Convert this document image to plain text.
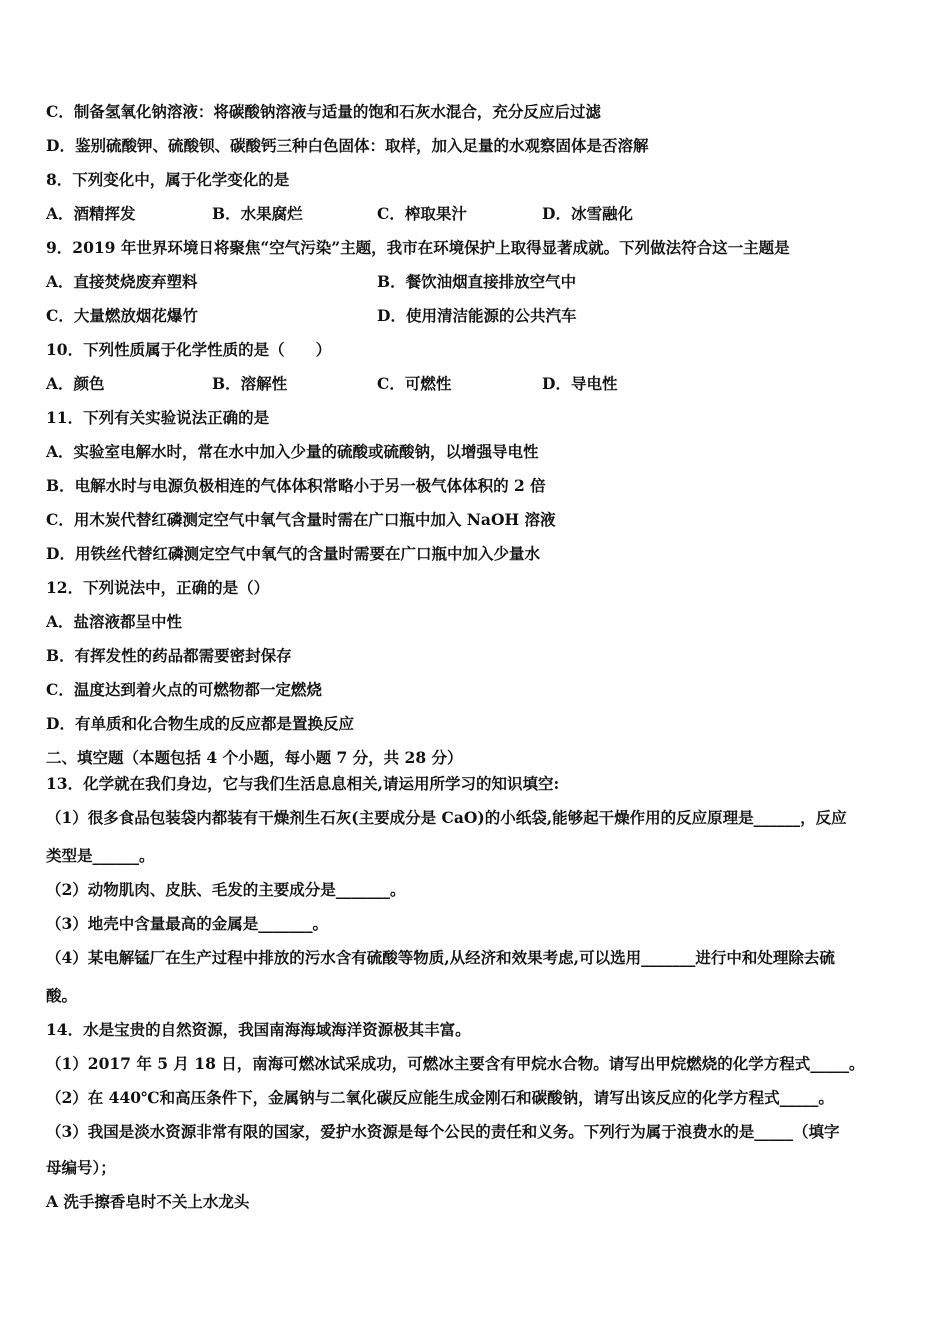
C．制备氢氧化钠溶液：将碳酸钠溶液与适量的饱和石灰水混合，充分反应后过滤
D．鉴别硫酸钾、硫酸钡、碳酸钙三种白色固体：取样，加入足量的水观察固体是否溶解
8．下列变化中，属于化学变化的是
A．酒精挥发	B．水果腐烂	C．榨取果汁	D．冰雪融化
9．2019 年世界环境日将聚焦“空气污染”主题，我市在环境保护上取得显著成就。下列做法符合这一主题是
A．直接焚烧废弃塑料	B．餐饮油烟直接排放空气中
C．大量燃放烟花爆竹	D．使用清洁能源的公共汽车
10．下列性质属于化学性质的是（　　）
A．颜色	B．溶解性	C．可燃性	D．导电性
11．下列有关实验说法正确的是
A．实验室电解水时，常在水中加入少量的硫酸或硫酸钠，以增强导电性
B．电解水时与电源负极相连的气体体积常略小于另一极气体体积的 2 倍
C．用木炭代替红磷测定空气中氧气含量时需在广口瓶中加入 NaOH 溶液
D．用铁丝代替红磷测定空气中氧气的含量时需要在广口瓶中加入少量水
12．下列说法中，正确的是（）
A．盐溶液都呈中性
B．有挥发性的药品都需要密封保存
C．温度达到着火点的可燃物都一定燃烧
D．有单质和化合物生成的反应都是置换反应
二、填空题（本题包括 4 个小题，每小题 7 分，共 28 分）
13．化学就在我们身边，它与我们生活息息相关,请运用所学习的知识填空:
（1）很多食品包装袋内都装有干燥剂生石灰(主要成分是 CaO)的小纸袋,能够起干燥作用的反应原理是______，反应
类型是______。
（2）动物肌肉、皮肤、毛发的主要成分是_______。
（3）地壳中含量最高的金属是_______。
（4）某电解锰厂在生产过程中排放的污水含有硫酸等物质,从经济和效果考虑,可以选用_______进行中和处理除去硫
酸。
14．水是宝贵的自然资源，我国南海海域海洋资源极其丰富。
（1）2017 年 5 月 18 日，南海可燃冰试采成功，可燃冰主要含有甲烷水合物。请写出甲烷燃烧的化学方程式_____。
（2）在 440℃和高压条件下，金属钠与二氧化碳反应能生成金刚石和碳酸钠，请写出该反应的化学方程式_____。
（3）我国是淡水资源非常有限的国家，爱护水资源是每个公民的责任和义务。下列行为属于浪费水的是_____（填字
母编号）；
A 洗手擦香皂时不关上水龙头
